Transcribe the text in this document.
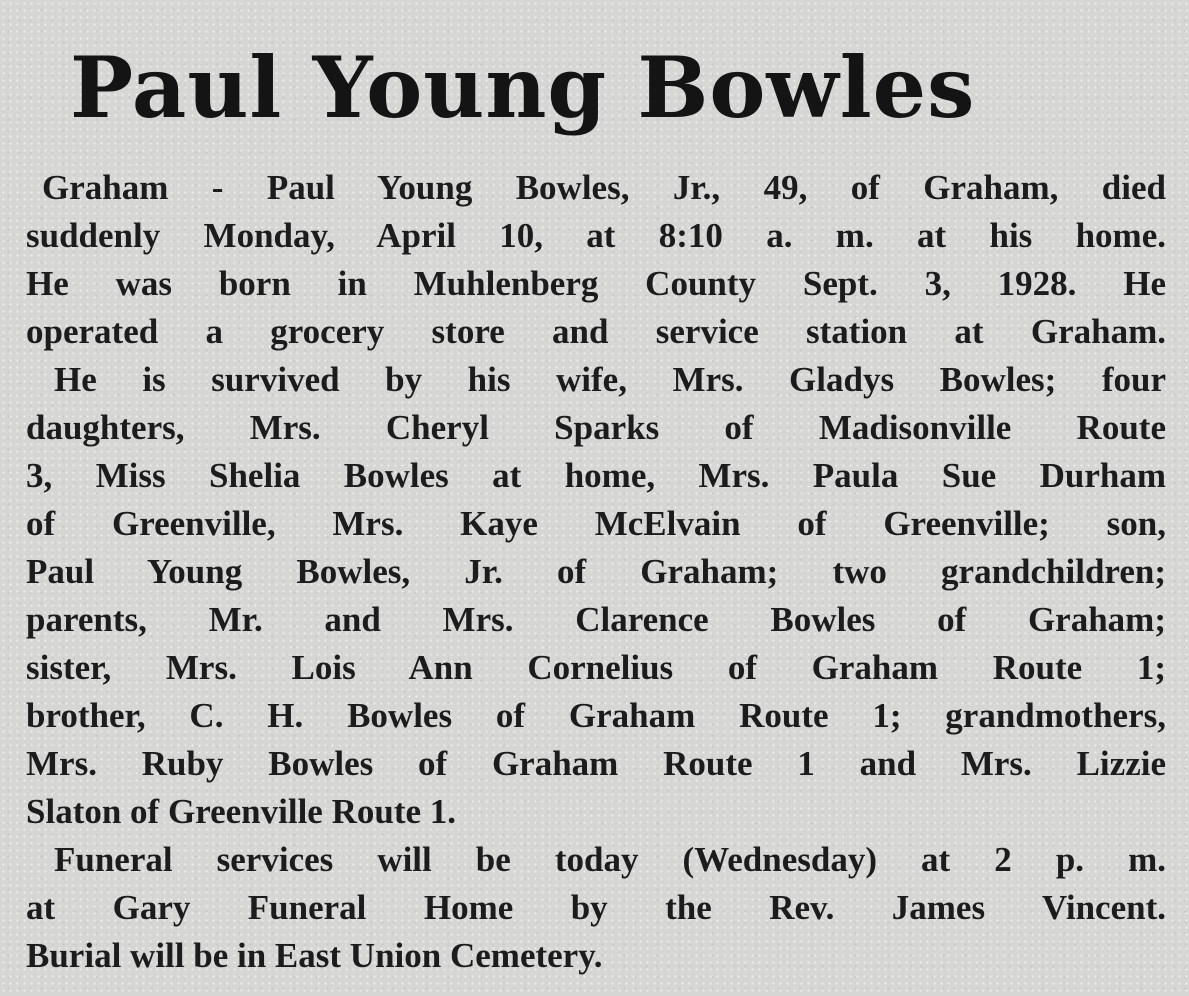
Paul Young Bowles

Graham - Paul Young Bowles, Jr., 49, of Graham, died
suddenly Monday, April 10, at 8:10 a. m. at his home.
He was born in Muhlenberg County Sept. 3, 1928. He
operated a grocery store and service station at Graham.

He is survived by his wife, Mrs. Gladys Bowles; four
daughters, Mrs. Cheryl Sparks of Madisonville Route
3, Miss Shelia Bowles at home, Mrs. Paula Sue Durham
of Greenville, Mrs. Kaye McElvain of Greenville; son,
Paul Young Bowles, Jr. of Graham; two grandchildren;
parents, Mr. and Mrs. Clarence Bowles of Graham;
sister, Mrs. Lois Ann Cornelius of Graham Route 1;
brother, C. H. Bowles of Graham Route 1; grandmothers,
Mrs. Ruby Bowles of Graham Route 1 and Mrs. Lizzie
Slaton of Greenville Route 1.

Funeral services will be today (Wednesday) at 2 p. m.
at Gary Funeral Home by the Rev. James Vincent.
Burial will be in East Union Cemetery.
